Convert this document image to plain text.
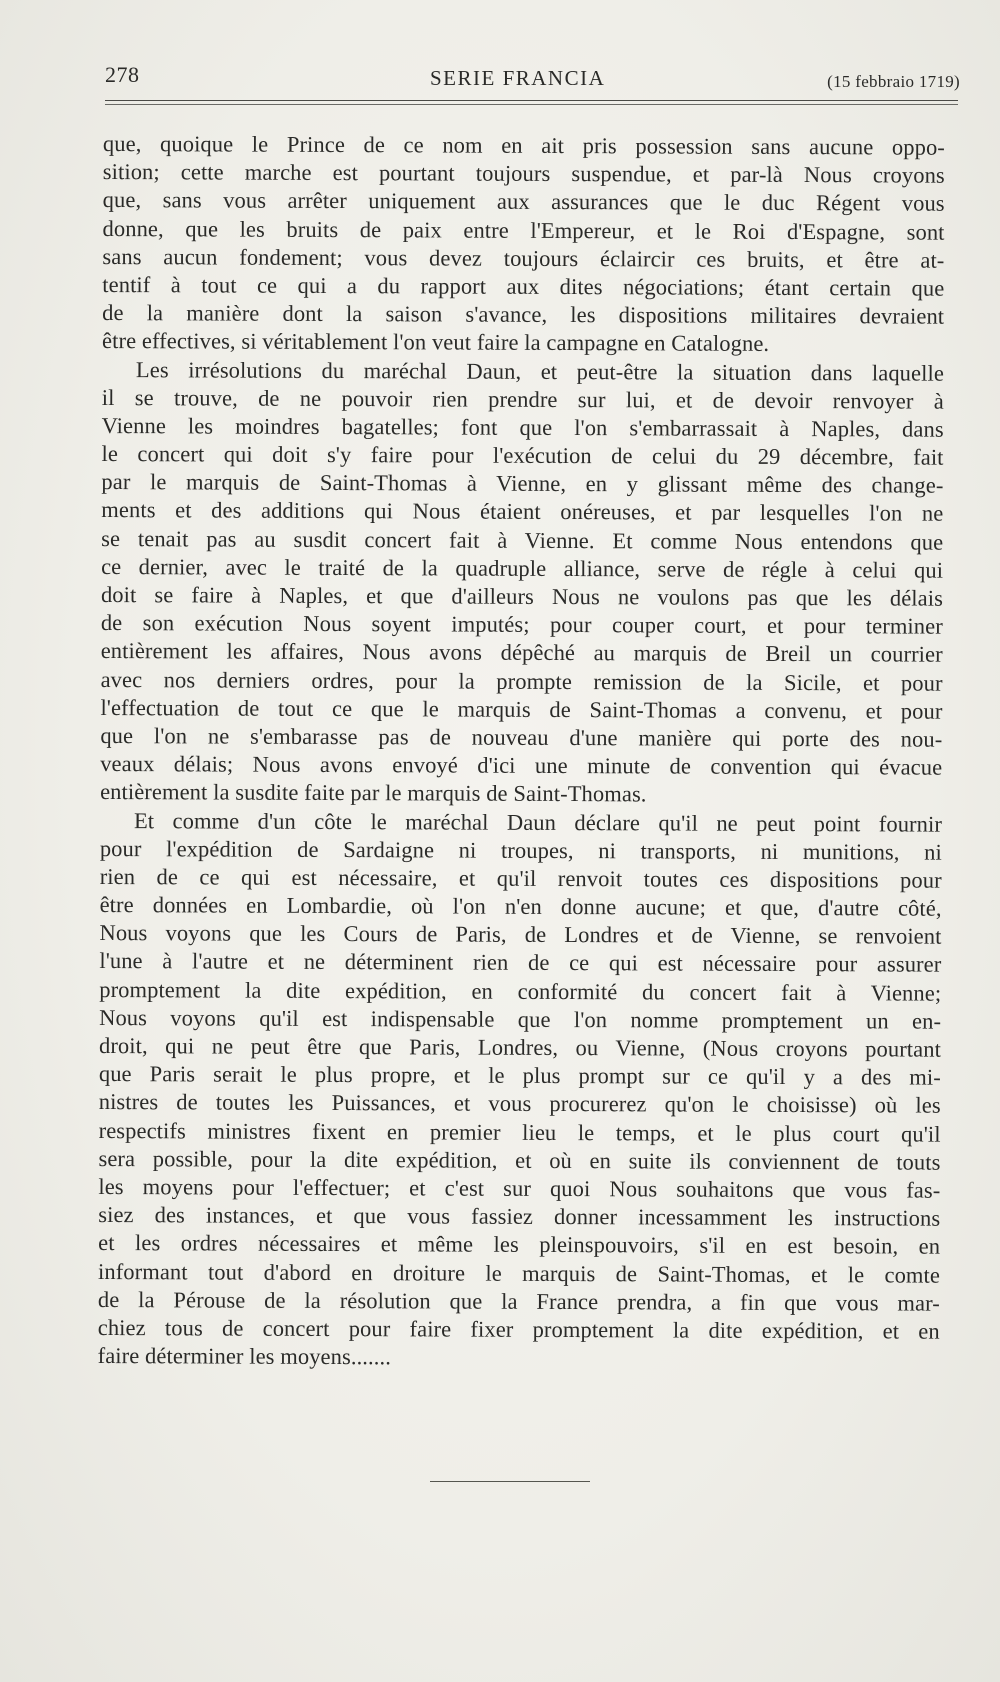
278	SERIE FRANCIA	(15 febbraio 1719)
que, quoique le Prince de ce nom en ait pris possession sans aucune oppo-
sition; cette marche est pourtant toujours suspendue, et par-là Nous croyons
que, sans vous arrêter uniquement aux assurances que le duc Régent vous
donne, que les bruits de paix entre l'Empereur, et le Roi d'Espagne, sont
sans aucun fondement; vous devez toujours éclaircir ces bruits, et être at-
tentif à tout ce qui a du rapport aux dites négociations; étant certain que
de la manière dont la saison s'avance, les dispositions militaires devraient
être effectives, si véritablement l'on veut faire la campagne en Catalogne.
Les irrésolutions du maréchal Daun, et peut-être la situation dans laquelle
il se trouve, de ne pouvoir rien prendre sur lui, et de devoir renvoyer à
Vienne les moindres bagatelles; font que l'on s'embarrassait à Naples, dans
le concert qui doit s'y faire pour l'exécution de celui du 29 décembre, fait
par le marquis de Saint-Thomas à Vienne, en y glissant même des change-
ments et des additions qui Nous étaient onéreuses, et par lesquelles l'on ne
se tenait pas au susdit concert fait à Vienne. Et comme Nous entendons que
ce dernier, avec le traité de la quadruple alliance, serve de régle à celui qui
doit se faire à Naples, et que d'ailleurs Nous ne voulons pas que les délais
de son exécution Nous soyent imputés; pour couper court, et pour terminer
entièrement les affaires, Nous avons dépêché au marquis de Breil un courrier
avec nos derniers ordres, pour la prompte remission de la Sicile, et pour
l'effectuation de tout ce que le marquis de Saint-Thomas a convenu, et pour
que l'on ne s'embarasse pas de nouveau d'une manière qui porte des nou-
veaux délais; Nous avons envoyé d'ici une minute de convention qui évacue
entièrement la susdite faite par le marquis de Saint-Thomas.
Et comme d'un côte le maréchal Daun déclare qu'il ne peut point fournir
pour l'expédition de Sardaigne ni troupes, ni transports, ni munitions, ni
rien de ce qui est nécessaire, et qu'il renvoit toutes ces dispositions pour
être données en Lombardie, où l'on n'en donne aucune; et que, d'autre côté,
Nous voyons que les Cours de Paris, de Londres et de Vienne, se renvoient
l'une à l'autre et ne déterminent rien de ce qui est nécessaire pour assurer
promptement la dite expédition, en conformité du concert fait à Vienne;
Nous voyons qu'il est indispensable que l'on nomme promptement un en-
droit, qui ne peut être que Paris, Londres, ou Vienne, (Nous croyons pourtant
que Paris serait le plus propre, et le plus prompt sur ce qu'il y a des mi-
nistres de toutes les Puissances, et vous procurerez qu'on le choisisse) où les
respectifs ministres fixent en premier lieu le temps, et le plus court qu'il
sera possible, pour la dite expédition, et où en suite ils conviennent de touts
les moyens pour l'effectuer; et c'est sur quoi Nous souhaitons que vous fas-
siez des instances, et que vous fassiez donner incessamment les instructions
et les ordres nécessaires et même les pleinspouvoirs, s'il en est besoin, en
informant tout d'abord en droiture le marquis de Saint-Thomas, et le comte
de la Pérouse de la résolution que la France prendra, a fin que vous mar-
chiez tous de concert pour faire fixer promptement la dite expédition, et en
faire déterminer les moyens.......
